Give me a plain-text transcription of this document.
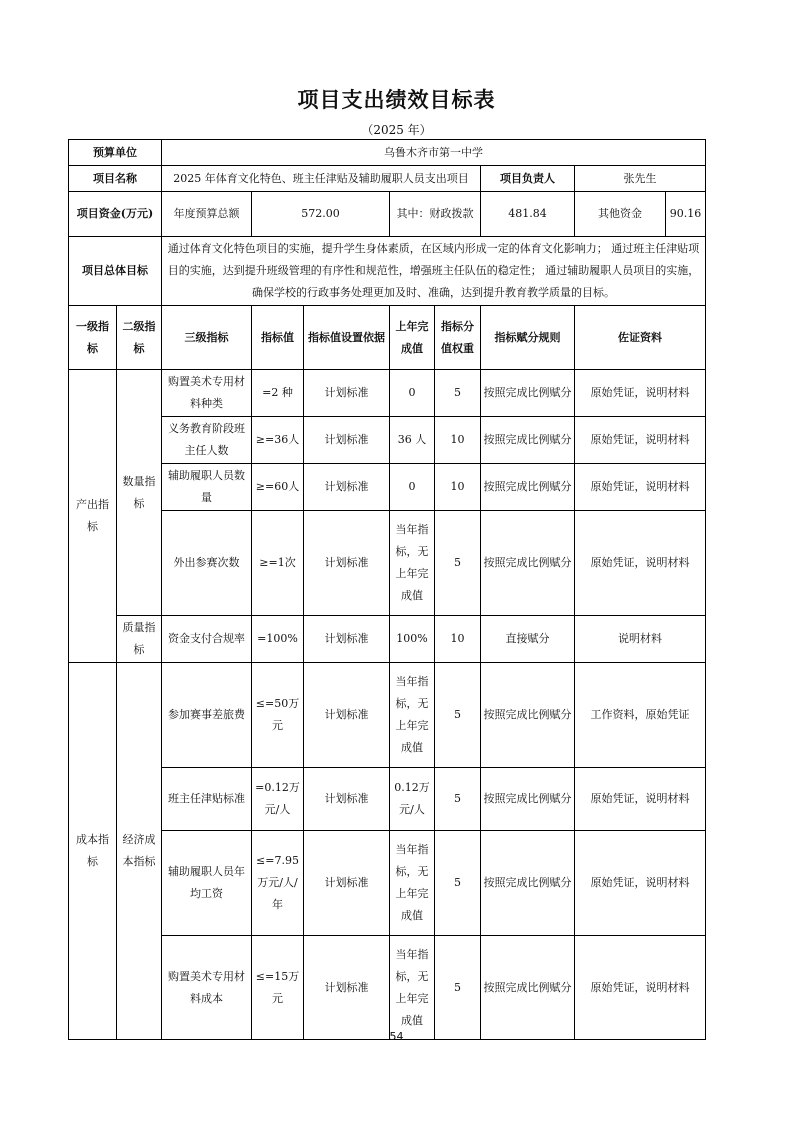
项目支出绩效目标表
（2025 年）
预算单位		乌鲁木齐市第一中学							
项目名称		2025 年体育文化特色、班主任津贴及辅助履职人员支出项目					项目负责人	张先生	
项目资金(万元)		年度预算总额	572.00		其中：财政拨款		481.84	其他资金	90.16
项目总体目标		通过体育文化特色项目的实施，提升学生身体素质，在区域内形成一定的体育文化影响力； 通过班主任津贴项目的实施，达到提升班级管理的有序性和规范性，增强班主任队伍的稳定性； 通过辅助履职人员项目的实施，确保学校的行政事务处理更加及时、准确，达到提升教育教学质量的目标。							
一级指标	二级指标	三级指标	指标值	指标值设置依据	上年完成值	指标分值权重	指标赋分规则	佐证资料	
产出指标	数量指标	购置美术专用材料种类	=2 种	计划标准	0	5	按照完成比例赋分	原始凭证，说明材料	
		义务教育阶段班主任人数	≥=36人	计划标准	36 人	10	按照完成比例赋分	原始凭证，说明材料	
		辅助履职人员数量	≥=60人	计划标准	0	10	按照完成比例赋分	原始凭证，说明材料	
		外出参赛次数	≥=1次	计划标准	当年指标，无上年完成值	5	按照完成比例赋分	原始凭证，说明材料	
	质量指标	资金支付合规率	=100%	计划标准	100%	10	直接赋分	说明材料	
成本指标	经济成本指标	参加赛事差旅费	≤=50万元	计划标准	当年指标，无上年完成值	5	按照完成比例赋分	工作资料，原始凭证	
		班主任津贴标准	=0.12万元/人	计划标准	0.12万元/人	5	按照完成比例赋分	原始凭证，说明材料	
		辅助履职人员年均工资	≤=7.95万元/人/年	计划标准	当年指标，无上年完成值	5	按照完成比例赋分	原始凭证，说明材料	
		购置美术专用材料成本	≤=15万元	计划标准	当年指标，无上年完成值	5	按照完成比例赋分	原始凭证，说明材料	
54
